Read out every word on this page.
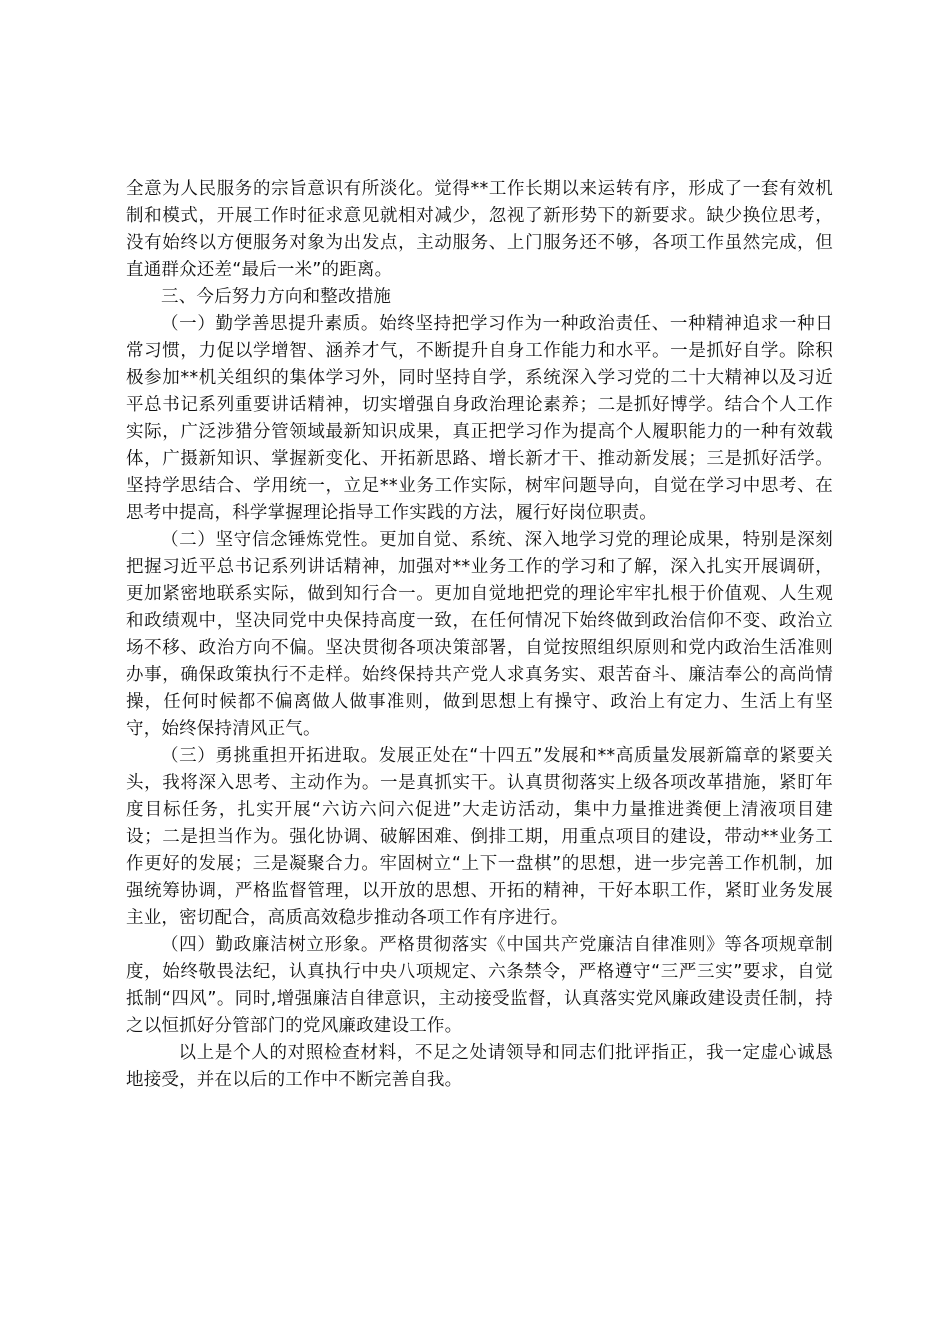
全意为人民服务的宗旨意识有所淡化。觉得**工作长期以来运转有序，形成了一套有效机制和模式，开展工作时征求意见就相对减少，忽视了新形势下的新要求。缺少换位思考，没有始终以方便服务对象为出发点，主动服务、上门服务还不够，各项工作虽然完成，但直通群众还差“最后一米”的距离。

三、今后努力方向和整改措施

（一）勤学善思提升素质。始终坚持把学习作为一种政治责任、一种精神追求一种日常习惯，力促以学增智、涵养才气，不断提升自身工作能力和水平。一是抓好自学。除积极参加**机关组织的集体学习外，同时坚持自学，系统深入学习党的二十大精神以及习近平总书记系列重要讲话精神，切实增强自身政治理论素养；二是抓好博学。结合个人工作实际，广泛涉猎分管领域最新知识成果，真正把学习作为提高个人履职能力的一种有效载体，广摄新知识、掌握新变化、开拓新思路、增长新才干、推动新发展；三是抓好活学。坚持学思结合、学用统一，立足**业务工作实际，树牢问题导向，自觉在学习中思考、在思考中提高，科学掌握理论指导工作实践的方法，履行好岗位职责。

（二）坚守信念锤炼党性。更加自觉、系统、深入地学习党的理论成果，特别是深刻把握习近平总书记系列讲话精神，加强对**业务工作的学习和了解，深入扎实开展调研，更加紧密地联系实际，做到知行合一。更加自觉地把党的理论牢牢扎根于价值观、人生观和政绩观中，坚决同党中央保持高度一致，在任何情况下始终做到政治信仰不变、政治立场不移、政治方向不偏。坚决贯彻各项决策部署，自觉按照组织原则和党内政治生活准则办事，确保政策执行不走样。始终保持共产党人求真务实、艰苦奋斗、廉洁奉公的高尚情操，任何时候都不偏离做人做事准则，做到思想上有操守、政治上有定力、生活上有坚守，始终保持清风正气。

（三）勇挑重担开拓进取。发展正处在“十四五”发展和**高质量发展新篇章的紧要关头，我将深入思考、主动作为。一是真抓实干。认真贯彻落实上级各项改革措施，紧盯年度目标任务，扎实开展“六访六问六促进”大走访活动，集中力量推进粪便上清液项目建设；二是担当作为。强化协调、破解困难、倒排工期，用重点项目的建设，带动**业务工作更好的发展；三是凝聚合力。牢固树立“上下一盘棋”的思想，进一步完善工作机制，加强统筹协调，严格监督管理，以开放的思想、开拓的精神，干好本职工作，紧盯业务发展主业，密切配合，高质高效稳步推动各项工作有序进行。

（四）勤政廉洁树立形象。严格贯彻落实《中国共产党廉洁自律准则》等各项规章制度，始终敬畏法纪，认真执行中央八项规定、六条禁令，严格遵守“三严三实”要求，自觉抵制“四风”。同时,增强廉洁自律意识，主动接受监督，认真落实党风廉政建设责任制，持之以恒抓好分管部门的党风廉政建设工作。

以上是个人的对照检查材料，不足之处请领导和同志们批评指正，我一定虚心诚恳地接受，并在以后的工作中不断完善自我。
